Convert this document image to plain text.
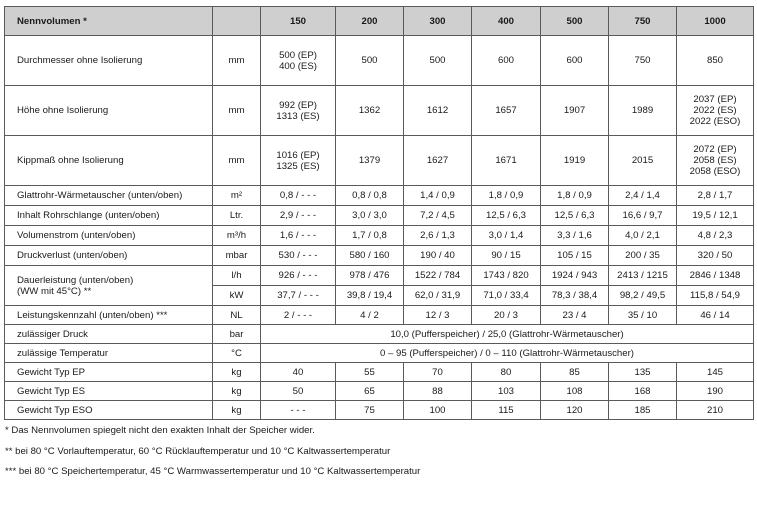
Nennvolumen *		150	200	300	400	500	750	1000
Durchmesser ohne Isolierung	mm	500 (EP)
400 (ES)	500	500	600	600	750	850
Höhe ohne Isolierung	mm	992 (EP)
1313 (ES)	1362	1612	1657	1907	1989	2037 (EP)
2022 (ES)
2022 (ESO)
Kippmaß ohne Isolierung	mm	1016 (EP)
1325 (ES)	1379	1627	1671	1919	2015	2072 (EP)
2058 (ES)
2058 (ESO)
Glattrohr-Wärmetauscher (unten/oben)	m²	0,8 / - - -	0,8 / 0,8	1,4 / 0,9	1,8 / 0,9	1,8 / 0,9	2,4 / 1,4	2,8 / 1,7
Inhalt Rohrschlange (unten/oben)	Ltr.	2,9 / - - -	3,0 / 3,0	7,2 / 4,5	12,5 / 6,3	12,5 / 6,3	16,6 / 9,7	19,5 / 12,1
Volumenstrom (unten/oben)	m³/h	1,6 / - - -	1,7 / 0,8	2,6 / 1,3	3,0 / 1,4	3,3 / 1,6	4,0 / 2,1	4,8 / 2,3
Druckverlust (unten/oben)	mbar	530 / - - -	580 / 160	190 / 40	90 / 15	105 / 15	200 / 35	320 / 50
Dauerleistung (unten/oben)
(WW mit 45°C) **	l/h	926 / - - -	978 / 476	1522 / 784	1743 / 820	1924 / 943	2413 / 1215	2846 / 1348
	kW	37,7 / - - -	39,8 / 19,4	62,0 / 31,9	71,0 / 33,4	78,3 / 38,4	98,2 / 49,5	115,8 / 54,9
Leistungskennzahl (unten/oben) ***	NL	2 / - - -	4 / 2	12 / 3	20 / 3	23 / 4	35 / 10	46 / 14
zulässiger Druck	bar	10,0 (Pufferspeicher) / 25,0 (Glattrohr-Wärmetauscher)						
zulässige Temperatur	°C	0 – 95 (Pufferspeicher) / 0 – 110 (Glattrohr-Wärmetauscher)						
Gewicht Typ EP	kg	40	55	70	80	85	135	145
Gewicht Typ ES	kg	50	65	88	103	108	168	190
Gewicht Typ ESO	kg	- - -	75	100	115	120	185	210
* Das Nennvolumen spiegelt nicht den exakten Inhalt der Speicher wider.
** bei 80 °C Vorlauftemperatur, 60 °C Rücklauftemperatur und 10 °C Kaltwassertemperatur
*** bei 80 °C Speichertemperatur, 45 °C Warmwassertemperatur und 10 °C Kaltwassertemperatur
